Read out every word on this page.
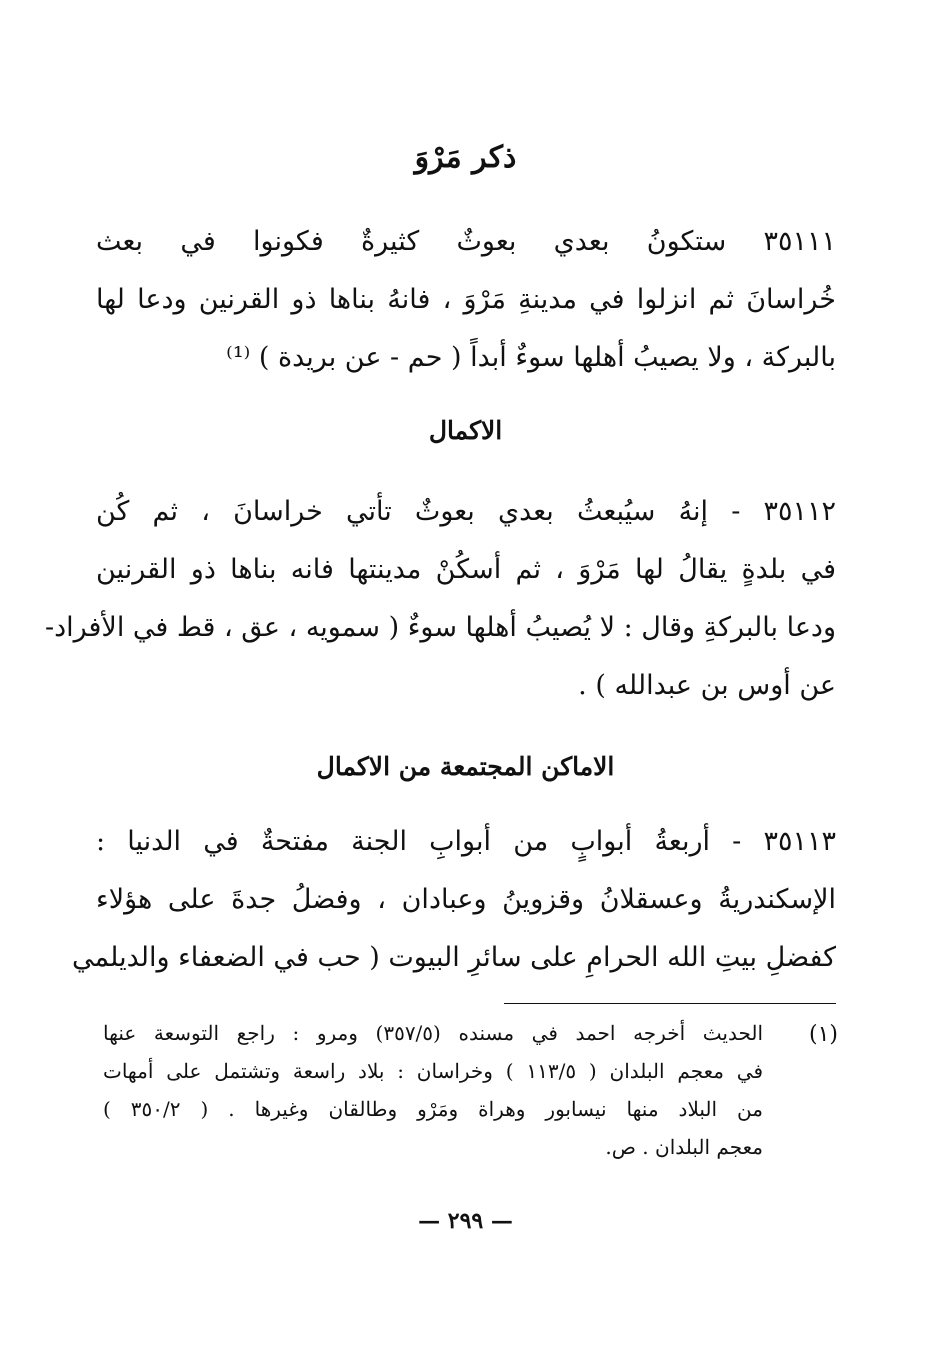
ذكر مَرْوَ
٣٥١١١ ستكونُ بعدي بعوثٌ كثيرةٌ فكونوا في بعث
خُراسانَ ثم انزلوا في مدينةِ مَرْوَ ، فانهُ بناها ذو القرنين ودعا لها
بالبركة ، ولا يصيبُ أهلها سوءٌ أبداً ( حم - عن بريدة ) ⁽¹⁾
الاكمال
٣٥١١٢ - إنهُ سيُبعثُ بعدي بعوثٌ تأتي خراسانَ ، ثم كُن
في بلدةٍ يقالُ لها مَرْوَ ، ثم أسكُنْ مدينتها فانه بناها ذو القرنين
ودعا بالبركةِ وقال : لا يُصيبُ أهلها سوءٌ ( سمويه ، عق ، قط في الأفراد-
عن أوس بن عبدالله ) .
الاماكن المجتمعة من الاكمال
٣٥١١٣ - أربعةُ أبوابٍ من أبوابِ الجنة مفتحةٌ في الدنيا :
الإسكندريةُ وعسقلانُ وقزوينُ وعبادان ، وفضلُ جدةَ على هؤلاء
كفضلِ بيتِ الله الحرامِ على سائرِ البيوت ( حب في الضعفاء والديلمي
(١)
الحديث أخرجه احمد في مسنده (٣٥٧/٥) ومرو : راجع التوسعة عنها
في معجم البلدان ( ١١٣/٥ ) وخراسان : بلاد راسعة وتشتمل على أمهات
من البلاد منها نيسابور وهراة ومَرْو وطالقان وغيرها . ( ٣٥٠/٢ )
معجم البلدان . ص.
— ٢٩٩ —
